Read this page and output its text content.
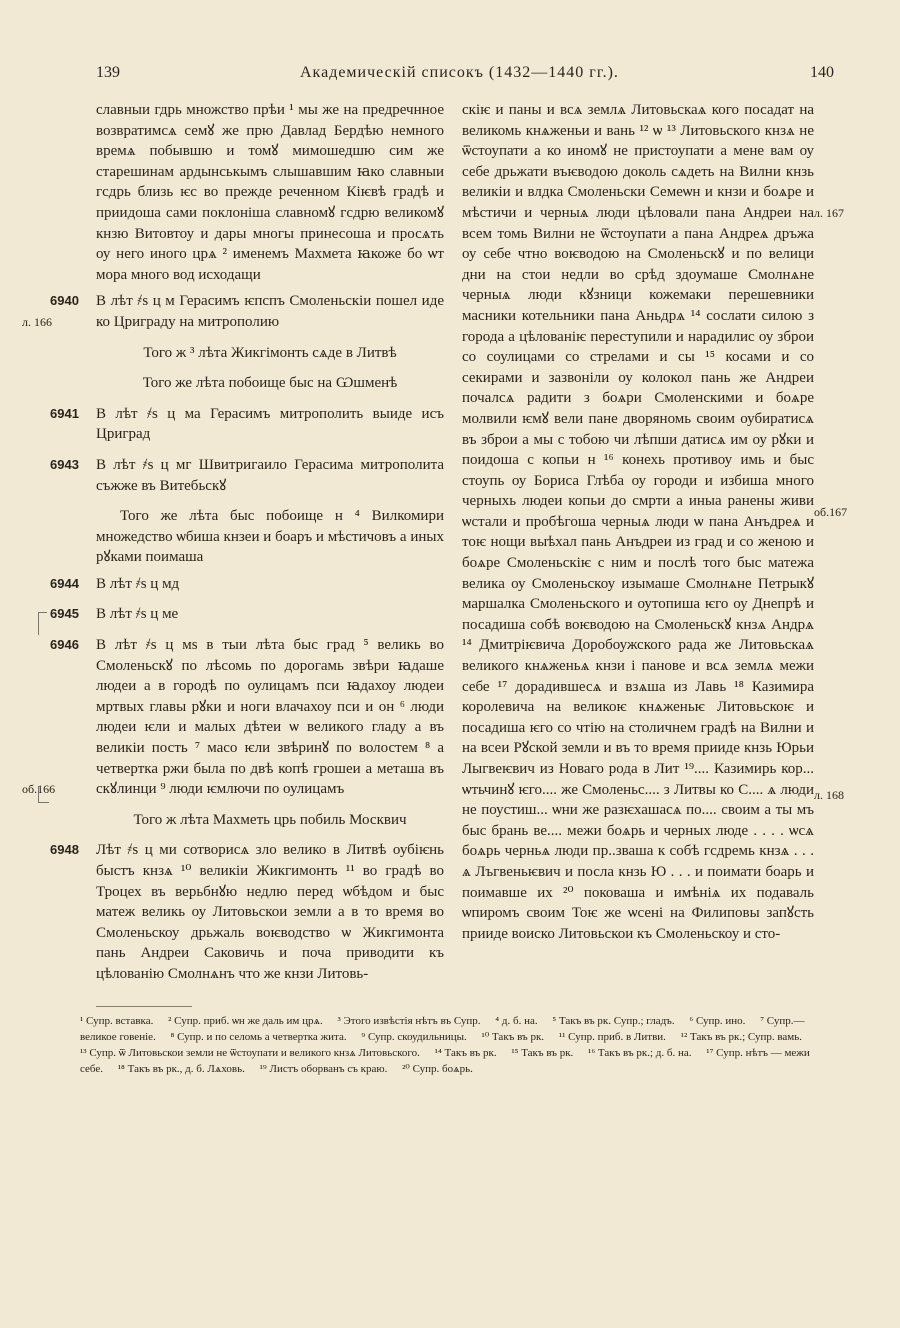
139	Академическiй списокъ (1432—1440 гг.).	140

славныи гдрь множство прѣи ¹ мы же на предречнное возвратимсѧ семꙋ же прю Давлад Бердѣю немного времѧ побывшю и томꙋ мимошедшю сим же старешинам ардынськымъ слышавшим ꙗко славныи гсдрь близь ѥс во прежде реченном Кiѥвѣ градѣ и приидоша сами поклонiша славномꙋ гсдрю великомꙋ кнзю Витовтоу и дары многы принесоша и просѧть оу него иного црѧ ² именемъ Махмета ꙗкоже бо ѡт мора много вод исходащи

6940
л. 166
В лѣт ҂ѕ ц м Герасимъ ѥпспъ Смоленьскiи пошел иде ко Цриграду на митрополию

Того ж ³ лѣта Жикгiмонть сѧде в Литвѣ

Того же лѣта побоище быс на Ѡшменѣ

6941 В лѣт ҂ѕ ц ма Герасимъ митрополить выиде исъ Цриград

6943 В лѣт ҂ѕ ц мг Швитригаило Герасима митрополита съжже въ Витебьскꙋ

Того же лѣта быс побоище н ⁴ Вилкомири множедство ѡбиша кнзеи и боаръ и мѣстичовъ а иных рꙋками поимаша

6944 В лѣт ҂ѕ ц мд

6945 В лѣт ҂ѕ ц ме

6946
об.166
В лѣт ҂ѕ ц мѕ в тыи лѣта быс град ⁵ великь во Смоленьскꙋ по лѣсомь по дорогамь звѣри ꙗдаше людеи а в городѣ по оулицамъ пси ꙗдахоу людеи мртвых главы рꙋки и ноги влачахоу пси и он ⁶ люди людеи ѥли и малых дѣтеи ѡ великого гладу а въ великiи пость ⁷ масо ѥли звѣринꙋ по волостем ⁸ а четвертка ржи была по двѣ копѣ грошеи а меташа въ скꙋлинци ⁹ люди ѥмлючи по оулицамъ

Того ж лѣта Махметь црь побиль Москвич

6948 Лѣт ҂ѕ ц ми сотворисѧ зло велико в Литвѣ оубiѥнь быстъ кнзѧ ¹⁰ великiи Жикгимонть ¹¹ во градѣ во Троцех въ верьбнꙋю недлю перед ѡбѣдом и быс матеж великь оу Литовьскои земли а в то время во Смоленьскоу дрьжаль воѥводство ѡ Жикгимонта пань Андреи Саковичь и поча приводити къ цѣлованiю Смолнѧнъ что же кнзи Литовь-

л. 167
об.167
л. 168

скiѥ и паны и всѧ землѧ Литовьскаѧ кого посадат на великомь кнѧженьи и вань ¹² ѡ ¹³ Литовьского кнзѧ не ѿстоупати а ко иномꙋ не пристоупати а мене вам оу себе дрьжати въѥводою доколь сѧдеть на Вилни кнзь великiи и влдка Смоленьски Семеѡн и кнзи и боѧре и мѣстичи и черныѧ люди цѣловали пана Андреи на всем томь Вилни не ѿстоупати а пана Андреѧ дръжа оу себе чтно воѥводою на Смоленьскꙋ и по велици дни на стои недли во срѣд здоумаше Смолнѧне черныѧ люди кꙋзници кожемаки перешевники масники котельники пана Аньдрѧ ¹⁴ сослати силою з города а цѣлованiѥ переступили и нарадилис оу зброи со соулицами со стрелами и сы ¹⁵ косами и со секирами и зазвонiли оу колокол пань же Андреи почалсѧ радити з боѧри Смоленскими и боѧре молвили ѥмꙋ вели пане дворяномь своим оубиратисѧ въ зброи а мы с тобою чи лѣпши датисѧ им оу рꙋки и поидоша с копьи н ¹⁶ конехь противоу имь и быс стоупь оу Бориса Глѣба оу городи и избиша много черныхь людеи копьи до смрти а иныа ранены живи ѡстали и пробѣгоша черныѧ люди ѡ пана Анъдреѧ и тоѥ нощи выѣхал пань Анъдреи из град и со женою и боѧре Смоленьскiѥ с ним и послѣ того быс матежа велика оу Смоленьскоу изымаше Смолнѧне Петрыкꙋ маршалка Смоленьского и оутопиша ѥго оу Днепрѣ и посадиша собѣ воѥводою на Смоленьскꙋ кнзѧ Андрѧ ¹⁴ Дмитрiѥвича Доробоужского рада же Литовьскаѧ великого кнѧженьѧ кнзи i панове и всѧ землѧ межи себе ¹⁷ дорадившесѧ и взѧша из Лавь ¹⁸ Казимира королевича на великоѥ кнѧженьѥ Литовьскоѥ и посадиша ѥго со чтiю на столичнем градѣ на Вилни и на всеи Рꙋской земли и въ то время прииде кнзь Юрьи Лыгвеѥвич из Новаго рода в Лит ¹⁹.... Казимирь кор... ѡтьчинꙋ ѥго.... же Смоленьс.... з Литвы ко С.... ѧ люди не поустиш... ѡни же разѥхашасѧ по.... своим а ты мъ быс брань ве.... межи боѧрь и черных люде . . . . ѡсѧ боѧрь черньѧ люди пр..зваша к собѣ гсдремь кнзѧ . . . ѧ Лъгвеньѥвич и посла кнзь Ю . . . и поимати боарь и поимавше их ²⁰ поковаша и имѣнiѧ их подаваль ѡпиромъ своим Тоѥ же ѡсенi на Филиповы запꙋсть прииде воиско Литовьскои къ Смоленьскоу и сто-

¹ Супр. вставка. ² Супр. приб. ѡн же даль им црѧ. ³ Этого извѣстiя нѣтъ въ Супр. ⁴ д. б. на. ⁵ Такъ въ рк. Супр.; гладъ. ⁶ Супр. ино. ⁷ Супр.—великое говенiе. ⁸ Супр. и по селомь а четвертка жита. ⁹ Супр. скоудильницы. ¹⁰ Такъ въ рк. ¹¹ Супр. приб. в Литви. ¹² Такъ въ рк.; Супр. вамь. ¹³ Супр. ѿ Литовьскои земли не ѿстоупати и великого кнзѧ Литовьского. ¹⁴ Такъ въ рк. ¹⁵ Такъ въ рк. ¹⁶ Такъ въ рк.; д. б. на. ¹⁷ Супр. нѣтъ — межи себе. ¹⁸ Такъ въ рк., д. б. Лѧховь. ¹⁹ Листъ оборванъ съ краю. ²⁰ Супр. боѧрь.
